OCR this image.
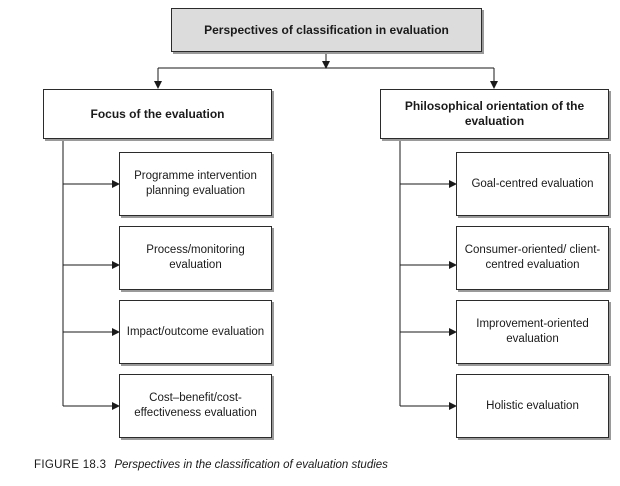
Perspectives of classification in evaluation
Focus of the evaluation
Philosophical orientation of the evaluation
Programme intervention planning evaluation
Process/monitoring evaluation
Impact/outcome evaluation
Cost–benefit/cost-effectiveness evaluation
Goal-centred evaluation
Consumer-oriented/ client-centred evaluation
Improvement-oriented evaluation
Holistic evaluation
FIGURE 18.3 Perspectives in the classification of evaluation studies
